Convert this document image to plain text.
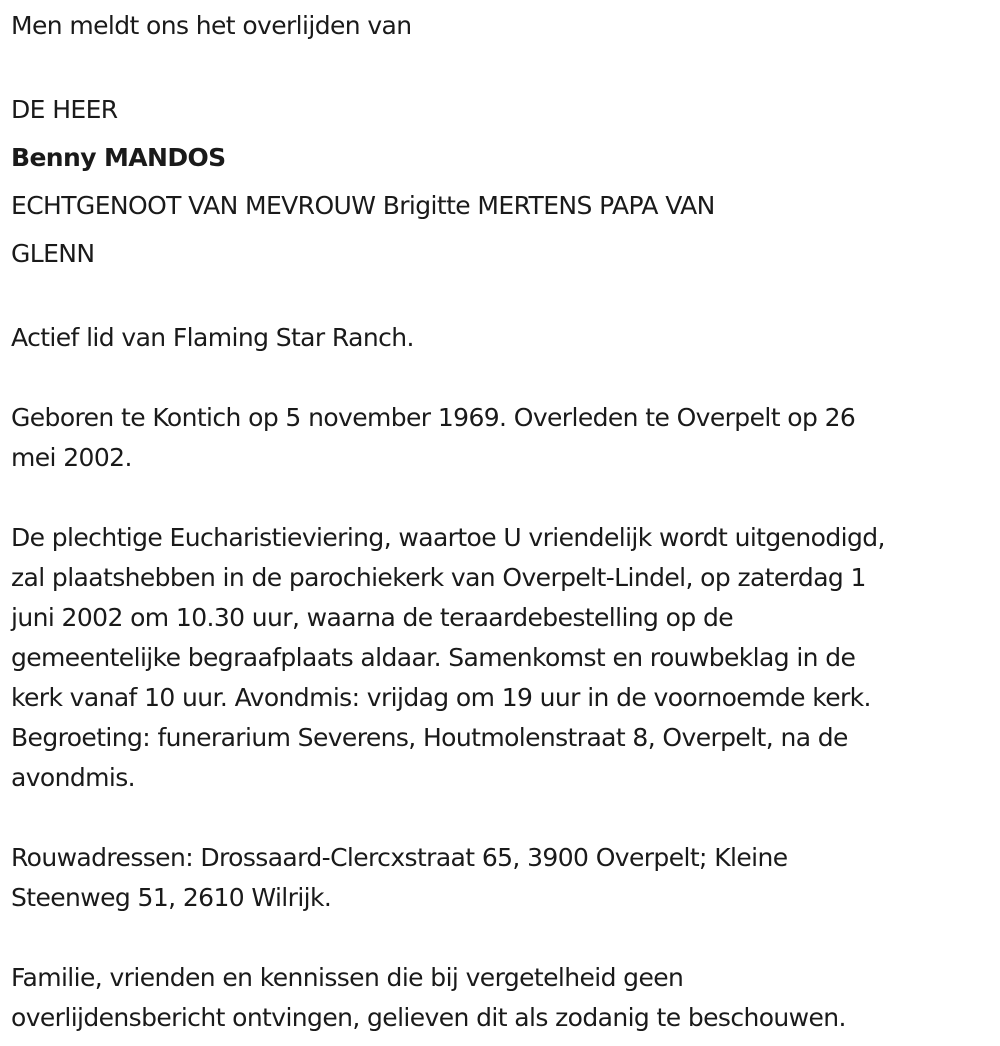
Men meldt ons het overlijden van

DE HEER

Benny MANDOS

ECHTGENOOT VAN MEVROUW Brigitte MERTENS PAPA VAN

GLENN

Actief lid van Flaming Star Ranch.

Geboren te Kontich op 5 november 1969. Overleden te Overpelt op 26

mei 2002.

De plechtige Eucharistieviering, waartoe U vriendelijk wordt uitgenodigd,

zal plaatshebben in de parochiekerk van Overpelt-Lindel, op zaterdag 1

juni 2002 om 10.30 uur, waarna de teraardebestelling op de

gemeentelijke begraafplaats aldaar. Samenkomst en rouwbeklag in de

kerk vanaf 10 uur. Avondmis: vrijdag om 19 uur in de voornoemde kerk.

Begroeting: funerarium Severens, Houtmolenstraat 8, Overpelt, na de

avondmis.

Rouwadressen: Drossaard-Clercxstraat 65, 3900 Overpelt; Kleine

Steenweg 51, 2610 Wilrijk.

Familie, vrienden en kennissen die bij vergetelheid geen

overlijdensbericht ontvingen, gelieven dit als zodanig te beschouwen.
